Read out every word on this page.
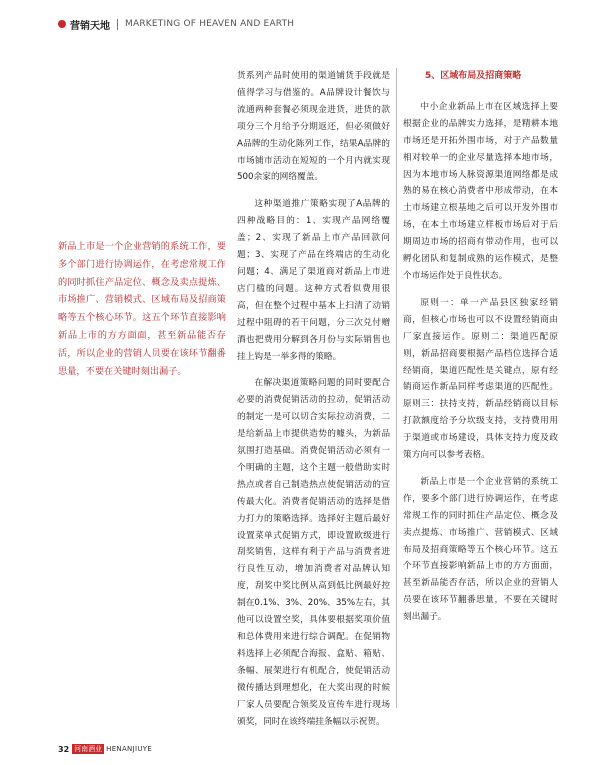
营销天地 MARKETING OF HEAVEN AND EARTH
新品上市是一个企业营销的系统工作，要多个部门进行协调运作，在考虑常规工作的同时抓住产品定位、概念及卖点提炼、市场推广、营销模式、区域布局及招商策略等五个核心环节。这五个环节直接影响新品上市的方方面面，甚至新品能否存活，所以企业的营销人员要在该环节翻番思量，不要在关键时刻出漏子。

货系列产品时使用的渠道铺货手段就是值得学习与借鉴的。A品牌设计餐饮与流通两种套餐必须现金进货，进货的款项分三个月给予分期返还，但必须做好A品牌的生动化陈列工作，结果A品牌的市场铺市活动在短短的一个月内就实现500余家的网络覆盖。

这种渠道推广策略实现了A品牌的四种战略目的：1、实现产品网络覆盖；2、实现了新品上市产品回款问题；3、实现了产品在终端店的生动化问题；4、满足了渠道商对新品上市进店门槛的问题。这种方式看似费用很高，但在整个过程中基本上扫清了动销过程中阻碍的若干问题，分三次兑付赠酒也把费用分解到各月份与实际销售也挂上钩是一举多得的策略。

在解决渠道策略问题的同时要配合必要的消费促销活动的拉动，促销活动的制定一是可以切合实际拉动消费，二是给新品上市提供造势的噱头，为新品氛围打造基础。消费促销活动必须有一个明确的主题，这个主题一般借助实时热点或者自己制造热点使促销活动的宣传最大化。消费者促销活动的选择是借力打力的策略选择。选择好主题后最好设置菜单式促销方式，即设置欧级进行刮奖销售，这样有利于产品与消费者进行良性互动，增加消费者对品牌认知度，刮奖中奖比例从高到低比例最好控制在0.1%、3%、20%、35%左右，其他可以设置空奖，具体要根据奖项价值和总体费用来进行综合调配。在促销物料选择上必须配合海报、盒贴、箱贴、条幅、展架进行有机配合，使促销活动微传播达到理想化，在大奖出现的时候厂家人员要配合领奖及宣传车进行现场颁奖，同时在该终端挂条幅以示祝贺。

5、区域布局及招商策略

中小企业新品上市在区域选择上要根据企业的品牌实力选择，是精耕本地市场还是开拓外围市场，对于产品数量相对较单一的企业尽量选择本地市场，因为本地市场人脉资源渠道网络都是成熟的易在核心消费者中形成带动，在本土市场建立根基地之后可以开发外围市场，在本土市场建立样板市场后对于后期周边市场的招商有带动作用，也可以孵化团队和复制成熟的运作模式，是整个市场运作处于良性状态。

原则一：单一产品县区独家经销商，但核心市场也可以不设置经销商由厂家直接运作。原则二：渠道匹配原则，新品招商要根据产品档位选择合适经销商，渠道匹配性是关键点，原有经销商运作新品同样考虑渠道的匹配性。原则三：扶持支持，新品经销商以目标打款额度给予分坎级支持，支持费用用于渠道或市场建设，具体支持力度及政策方向可以参考表格。

新品上市是一个企业营销的系统工作，要多个部门进行协调运作，在考虑常规工作的同时抓住产品定位、概念及卖点提炼、市场推广、营销模式、区域布局及招商策略等五个核心环节。这五个环节直接影响新品上市的方方面面，甚至新品能否存活，所以企业的营销人员要在该环节翻番思量，不要在关键时刻出漏子。

32 河南酒业 HENANJIUYE
